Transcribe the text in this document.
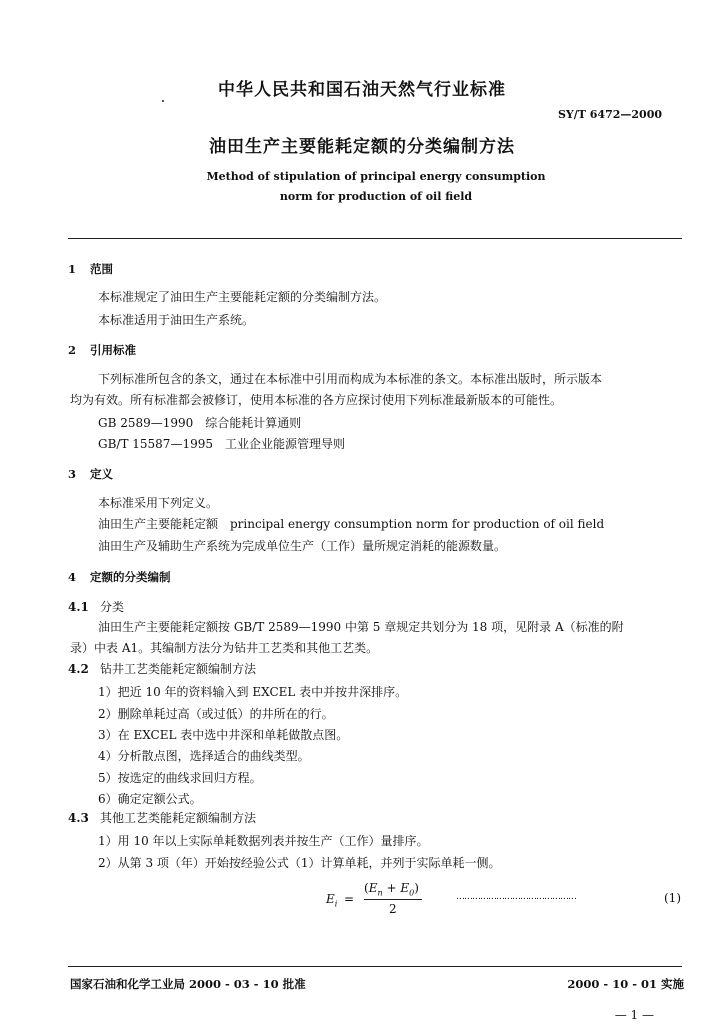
中华人民共和国石油天然气行业标准
SY/T 6472—2000
油田生产主要能耗定额的分类编制方法
Method of stipulation of principal energy consumption
norm for production of oil field
1 范围
本标准规定了油田生产主要能耗定额的分类编制方法。
本标准适用于油田生产系统。
2 引用标准
下列标准所包含的条文，通过在本标准中引用而构成为本标准的条文。本标准出版时，所示版本
均为有效。所有标准都会被修订，使用本标准的各方应探讨使用下列标准最新版本的可能性。
GB 2589—1990　综合能耗计算通则
GB/T 15587—1995　工业企业能源管理导则
3 定义
本标准采用下列定义。
油田生产主要能耗定额　principal energy consumption norm for production of oil field
油田生产及辅助生产系统为完成单位生产（工作）量所规定消耗的能源数量。
4 定额的分类编制
4.1 分类
油田生产主要能耗定额按 GB/T 2589—1990 中第 5 章规定共划分为 18 项，见附录 A（标准的附
录）中表 A1。其编制方法分为钻井工艺类和其他工艺类。
4.2 钻井工艺类能耗定额编制方法
1）把近 10 年的资料输入到 EXCEL 表中并按井深排序。
2）删除单耗过高（或过低）的井所在的行。
3）在 EXCEL 表中选中井深和单耗做散点图。
4）分析散点图，选择适合的曲线类型。
5）按选定的曲线求回归方程。
6）确定定额公式。
4.3 其他工艺类能耗定额编制方法
1）用 10 年以上实际单耗数据列表并按生产（工作）量排序。
2）从第 3 项（年）开始按经验公式（1）计算单耗，并列于实际单耗一侧。
$E_i$ =
$(E_n + E_0)$
2
………………………………………	(1)
国家石油和化学工业局 2000 - 03 - 10 批准	2000 - 10 - 01 实施
— 1 —
